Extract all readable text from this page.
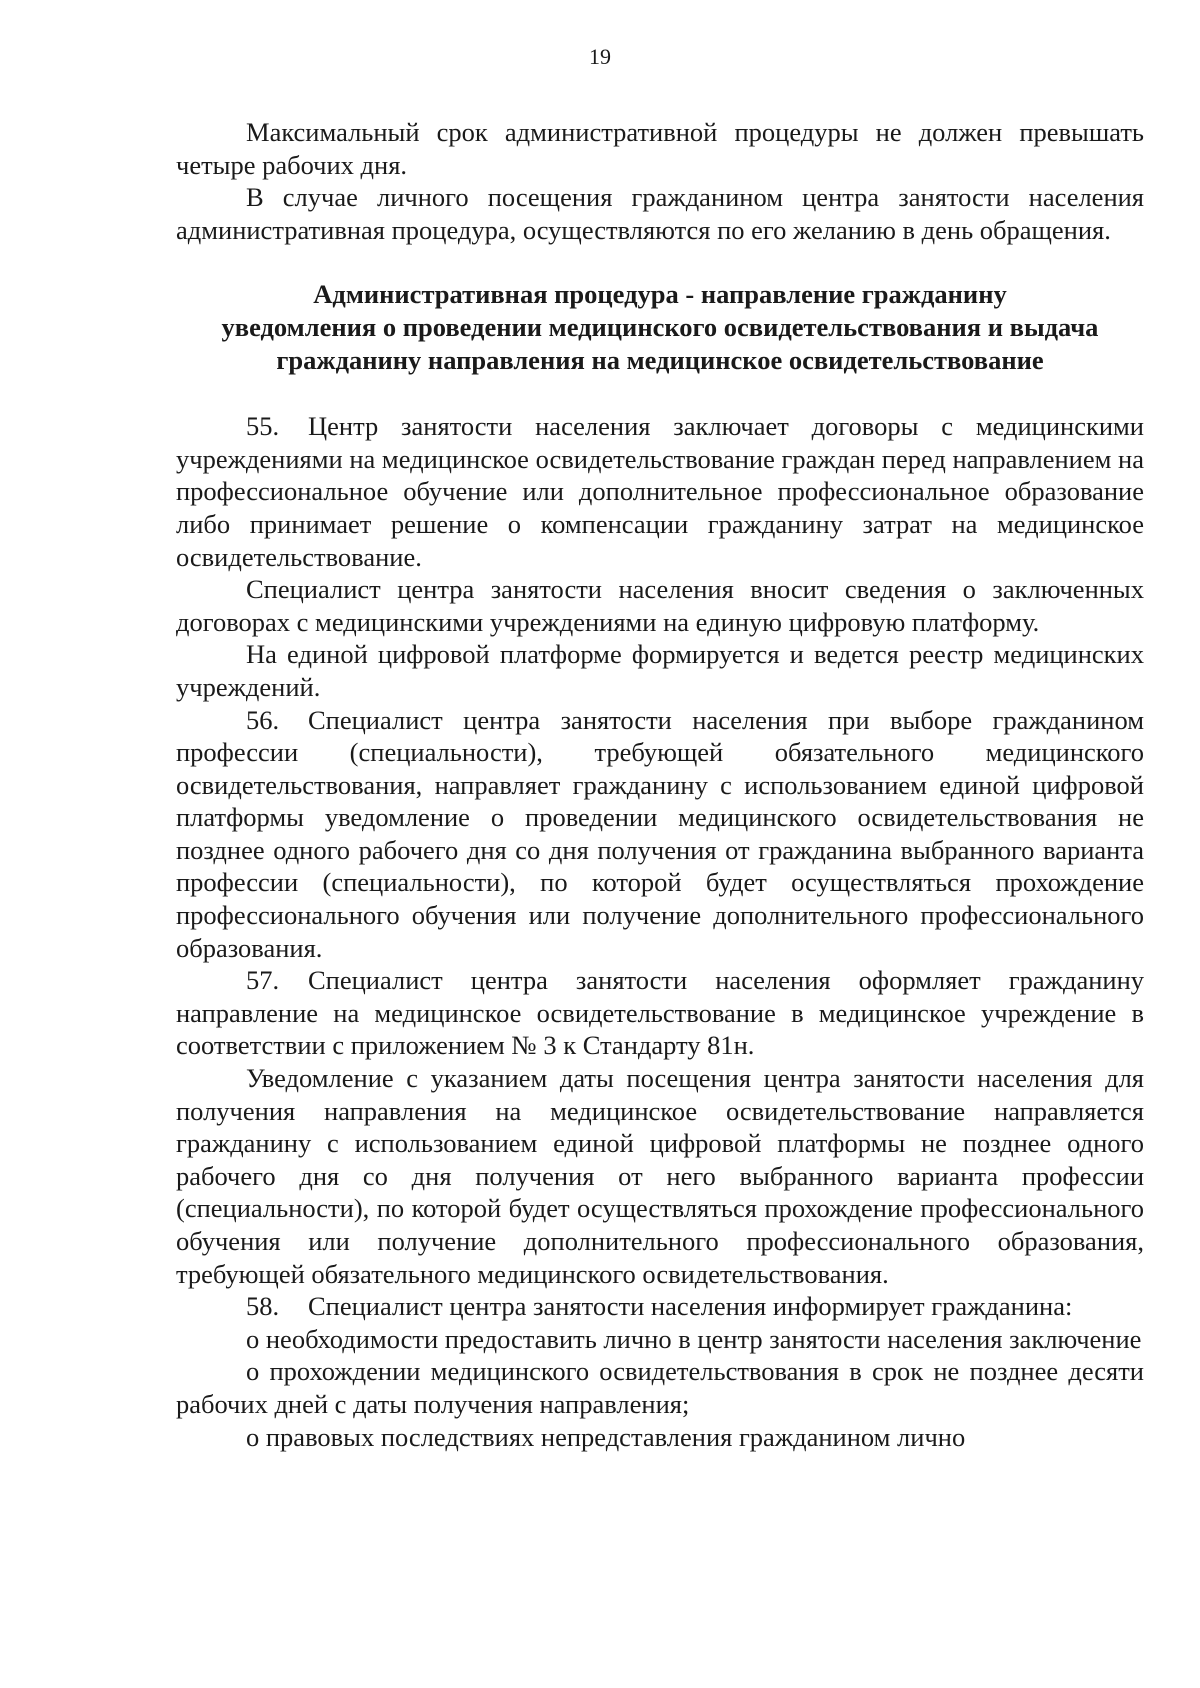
19

Максимальный срок административной процедуры не должен превышать четыре рабочих дня.

В случае личного посещения гражданином центра занятости населения административная процедура, осуществляются по его желанию в день обращения.

Административная процедура - направление гражданину

уведомления о проведении медицинского освидетельствования и выдача

гражданину направления на медицинское освидетельствование

55. Центр занятости населения заключает договоры с медицинскими учреждениями на медицинское освидетельствование граждан перед направлением на профессиональное обучение или дополнительное профессиональное образование либо принимает решение о компенсации гражданину затрат на медицинское освидетельствование.

Специалист центра занятости населения вносит сведения о заключенных договорах с медицинскими учреждениями на единую цифровую платформу.

На единой цифровой платформе формируется и ведется реестр медицинских учреждений.

56. Специалист центра занятости населения при выборе гражданином профессии (специальности), требующей обязательного медицинского освидетельствования, направляет гражданину с использованием единой цифровой платформы уведомление о проведении медицинского освидетельствования не позднее одного рабочего дня со дня получения от гражданина выбранного варианта профессии (специальности), по которой будет осуществляться прохождение профессионального обучения или получение дополнительного профессионального образования.

57. Специалист центра занятости населения оформляет гражданину направление на медицинское освидетельствование в медицинское учреждение в соответствии с приложением № 3 к Стандарту 81н.

Уведомление с указанием даты посещения центра занятости населения для получения направления на медицинское освидетельствование направляется гражданину с использованием единой цифровой платформы не позднее одного рабочего дня со дня получения от него выбранного варианта профессии (специальности), по которой будет осуществляться прохождение профессионального обучения или получение дополнительного профессионального образования, требующей обязательного медицинского освидетельствования.

58. Специалист центра занятости населения информирует гражданина:

о необходимости предоставить лично в центр занятости населения заключение

о прохождении медицинского освидетельствования в срок не позднее десяти рабочих дней с даты получения направления;

о правовых последствиях непредставления гражданином лично
